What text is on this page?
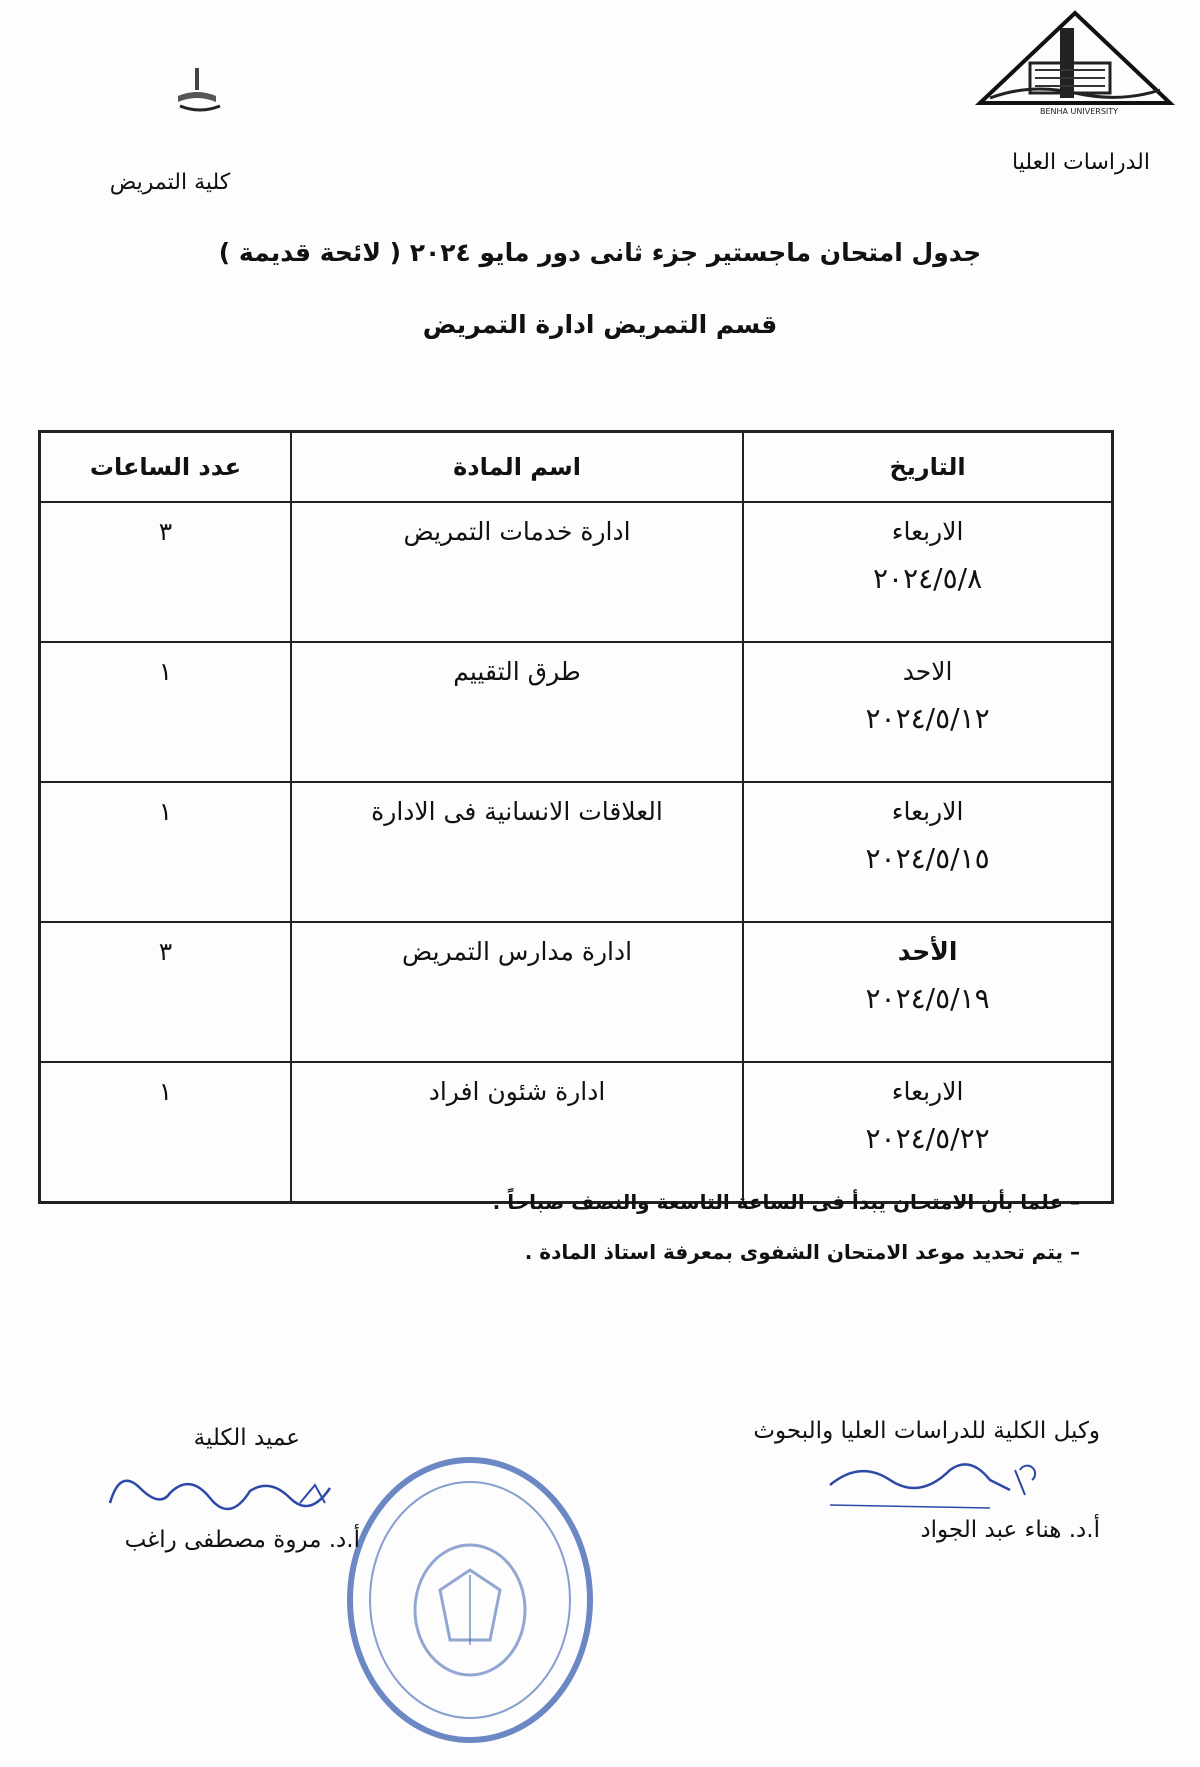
Benha Faculty of	BENHA UNIVERSITY
الدراسات العليا
كلية التمريض
جدول امتحان ماجستير جزء ثانى دور مايو ٢٠٢٤ ( لائحة قديمة )
قسم التمريض ادارة التمريض
التاريخ	اسم المادة	عدد الساعات

الاربعاء
٢٠٢٤/٥/٨	ادارة خدمات التمريض	٣

الاحد
٢٠٢٤/٥/١٢	طرق التقييم	١

الاربعاء
٢٠٢٤/٥/١٥	العلاقات الانسانية فى الادارة	١

الأحد
٢٠٢٤/٥/١٩	ادارة مدارس التمريض	٣

الاربعاء
٢٠٢٤/٥/٢٢	ادارة شئون افراد	١
– علما بأن الامتحان يبدأ فى الساعة التاسعة والنصف صباحاً .
– يتم تحديد موعد الامتحان الشفوى بمعرفة استاذ المادة .
وكيل الكلية للدراسات العليا والبحوث
أ.د. هناء عبد الجواد
عميد الكلية
أ.د. مروة مصطفى راغب
